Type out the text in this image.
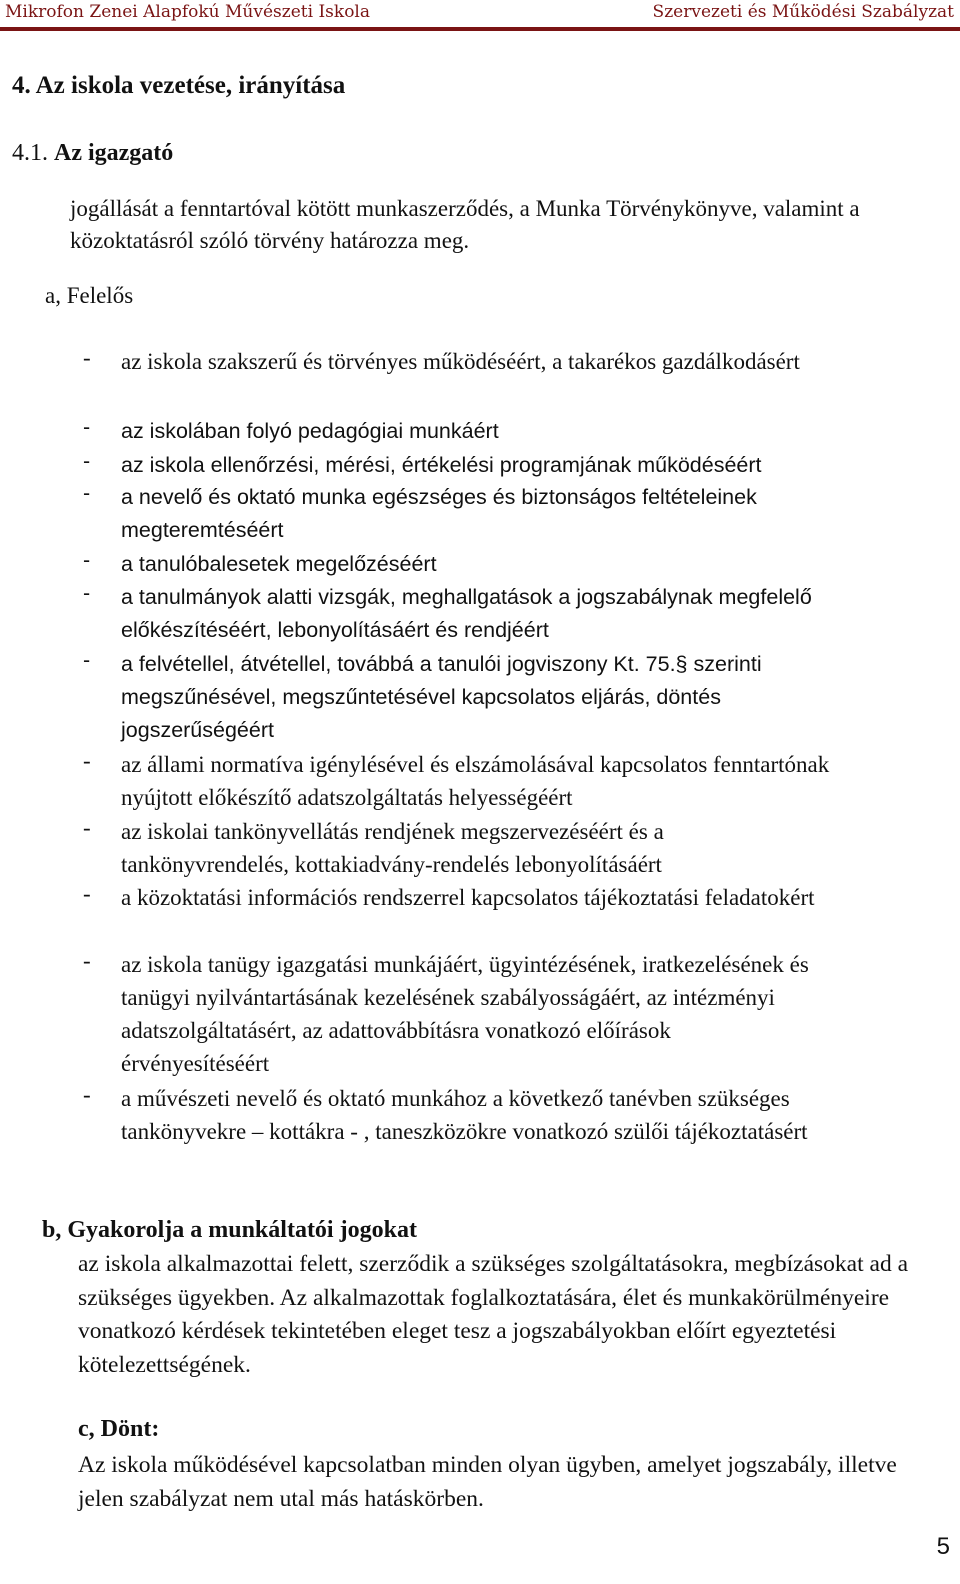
Mikrofon Zenei Alapfokú Művészeti Iskola	Szervezeti és Működési Szabályzat
4. Az iskola vezetése, irányítása
4.1. Az igazgató

jogállását a fenntartóval kötött munkaszerződés, a Munka Törvénykönyve, valamint a közoktatásról szóló törvény határozza meg.

a, Felelős
- az iskola szakszerű és törvényes működéséért, a takarékos gazdálkodásért
- az iskolában folyó pedagógiai munkáért
- az iskola ellenőrzési, mérési, értékelési programjának működéséért
- a nevelő és oktató munka egészséges és biztonságos feltételeinek megteremtéséért
- a tanulóbalesetek megelőzéséért
- a tanulmányok alatti vizsgák, meghallgatások a jogszabálynak megfelelő előkészítéséért, lebonyolításáért és rendjéért
- a felvétellel, átvétellel, továbbá a tanulói jogviszony Kt. 75.§ szerinti megszűnésével, megszűntetésével kapcsolatos eljárás, döntés jogszerűségéért
- az állami normatíva igénylésével és elszámolásával kapcsolatos fenntartónak nyújtott előkészítő adatszolgáltatás helyességéért
- az iskolai tankönyvellátás rendjének megszervezéséért és a tankönyvrendelés, kottakiadvány-rendelés lebonyolításáért
- a közoktatási információs rendszerrel kapcsolatos tájékoztatási feladatokért
- az iskola tanügy igazgatási munkájáért, ügyintézésének, iratkezelésének és tanügyi nyilvántartásának kezelésének szabályosságáért, az intézményi adatszolgáltatásért, az adattovábbításra vonatkozó előírások érvényesítéséért
- a művészeti nevelő és oktató munkához a következő tanévben szükséges tankönyvekre – kottákra - , taneszközökre vonatkozó szülői tájékoztatásért
b, Gyakorolja a munkáltatói jogokat

az iskola alkalmazottai felett, szerződik a szükséges szolgáltatásokra, megbízásokat ad a szükséges ügyekben. Az alkalmazottak foglalkoztatására, élet és munkakörülményeire vonatkozó kérdések tekintetében eleget tesz a jogszabályokban előírt egyeztetési kötelezettségének.

c, Dönt:

Az iskola működésével kapcsolatban minden olyan ügyben, amelyet jogszabály, illetve jelen szabályzat nem utal más hatáskörben.

5
